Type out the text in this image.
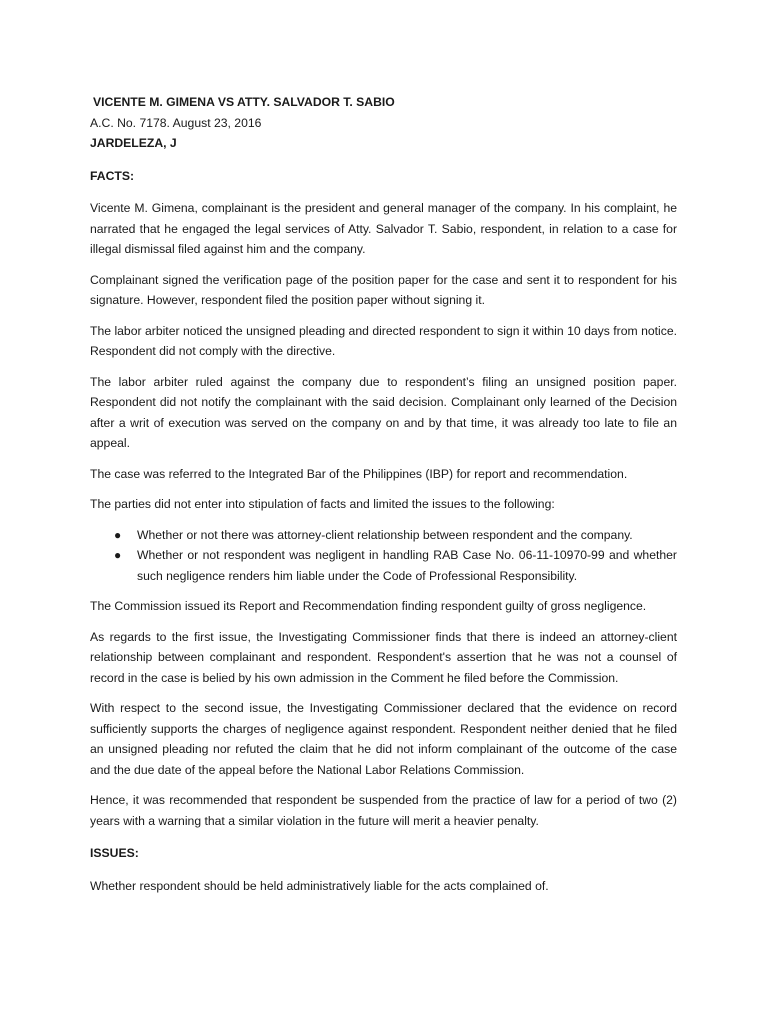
VICENTE M. GIMENA VS ATTY. SALVADOR T. SABIO

A.C. No. 7178. August 23, 2016

JARDELEZA, J

FACTS:

Vicente M. Gimena, complainant is the president and general manager of the company. In his complaint, he narrated that he engaged the legal services of Atty. Salvador T. Sabio, respondent, in relation to a case for illegal dismissal filed against him and the company.

Complainant signed the verification page of the position paper for the case and sent it to respondent for his signature. However, respondent filed the position paper without signing it.

The labor arbiter noticed the unsigned pleading and directed respondent to sign it within 10 days from notice. Respondent did not comply with the directive.

The labor arbiter ruled against the company due to respondent’s filing an unsigned position paper. Respondent did not notify the complainant with the said decision. Complainant only learned of the Decision after a writ of execution was served on the company on and by that time, it was already too late to file an appeal.

The case was referred to the Integrated Bar of the Philippines (IBP) for report and recommendation.

The parties did not enter into stipulation of facts and limited the issues to the following:

● Whether or not there was attorney-client relationship between respondent and the company.
● Whether or not respondent was negligent in handling RAB Case No. 06-11-10970-99 and whether such negligence renders him liable under the Code of Professional Responsibility.

The Commission issued its Report and Recommendation finding respondent guilty of gross negligence.

As regards to the first issue, the Investigating Commissioner finds that there is indeed an attorney-client relationship between complainant and respondent. Respondent's assertion that he was not a counsel of record in the case is belied by his own admission in the Comment he filed before the Commission.

With respect to the second issue, the Investigating Commissioner declared that the evidence on record sufficiently supports the charges of negligence against respondent. Respondent neither denied that he filed an unsigned pleading nor refuted the claim that he did not inform complainant of the outcome of the case and the due date of the appeal before the National Labor Relations Commission.

Hence, it was recommended that respondent be suspended from the practice of law for a period of two (2) years with a warning that a similar violation in the future will merit a heavier penalty.

ISSUES:

Whether respondent should be held administratively liable for the acts complained of.
